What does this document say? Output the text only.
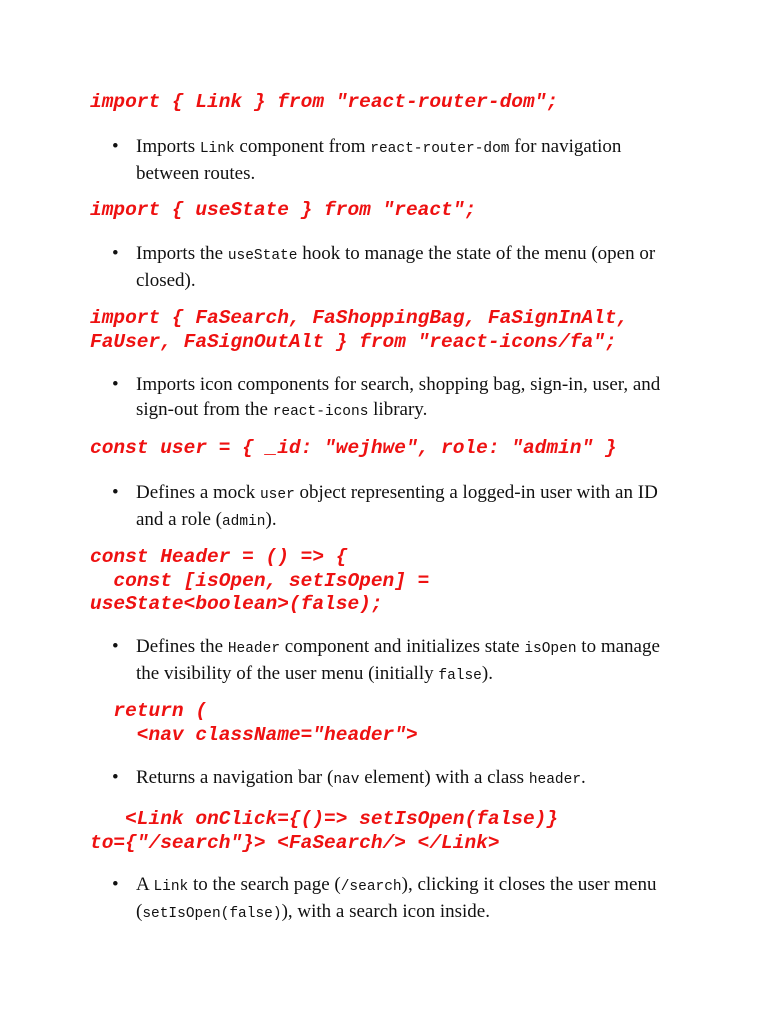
import { Link } from "react-router-dom";
• Imports Link component from react-router-dom for navigation between routes.
import { useState } from "react";
• Imports the useState hook to manage the state of the menu (open or closed).
import { FaSearch, FaShoppingBag, FaSignInAlt,
FaUser, FaSignOutAlt } from "react-icons/fa";
• Imports icon components for search, shopping bag, sign-in, user, and sign-out from the react-icons library.
const user = { _id: "wejhwe", role: "admin" }
• Defines a mock user object representing a logged-in user with an ID and a role (admin).
const Header = () => {
const [isOpen, setIsOpen] =
useState<boolean>(false);
• Defines the Header component and initializes state isOpen to manage the visibility of the user menu (initially false).
return (
<nav className="header">
• Returns a navigation bar (nav element) with a class header.
<Link onClick={()=> setIsOpen(false)}
to={"/search"}> <FaSearch/> </Link>
• A Link to the search page (/search), clicking it closes the user menu (setIsOpen(false)), with a search icon inside.
